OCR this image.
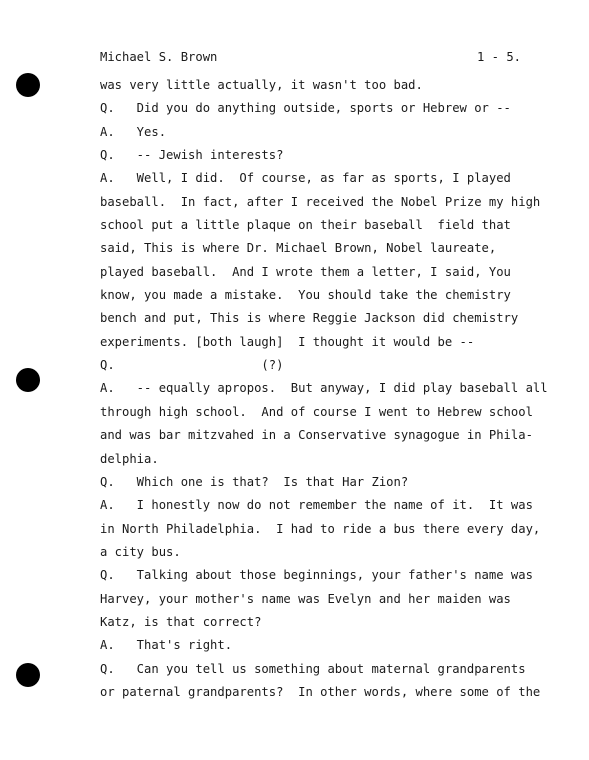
Michael S. Brown	1 - 5.
was very little actually, it wasn't too bad.
Q.   Did you do anything outside, sports or Hebrew or --
A.   Yes.
Q.   -- Jewish interests?
A.   Well, I did.  Of course, as far as sports, I played
baseball.  In fact, after I received the Nobel Prize my high
school put a little plaque on their baseball  field that
said, This is where Dr. Michael Brown, Nobel laureate,
played baseball.  And I wrote them a letter, I said, You
know, you made a mistake.  You should take the chemistry
bench and put, This is where Reggie Jackson did chemistry
experiments. [both laugh]  I thought it would be --
Q.                    (?)
A.   -- equally apropos.  But anyway, I did play baseball all
through high school.  And of course I went to Hebrew school
and was bar mitzvahed in a Conservative synagogue in Phila-
delphia.
Q.   Which one is that?  Is that Har Zion?
A.   I honestly now do not remember the name of it.  It was
in North Philadelphia.  I had to ride a bus there every day,
a city bus.
Q.   Talking about those beginnings, your father's name was
Harvey, your mother's name was Evelyn and her maiden was
Katz, is that correct?
A.   That's right.
Q.   Can you tell us something about maternal grandparents
or paternal grandparents?  In other words, where some of the
